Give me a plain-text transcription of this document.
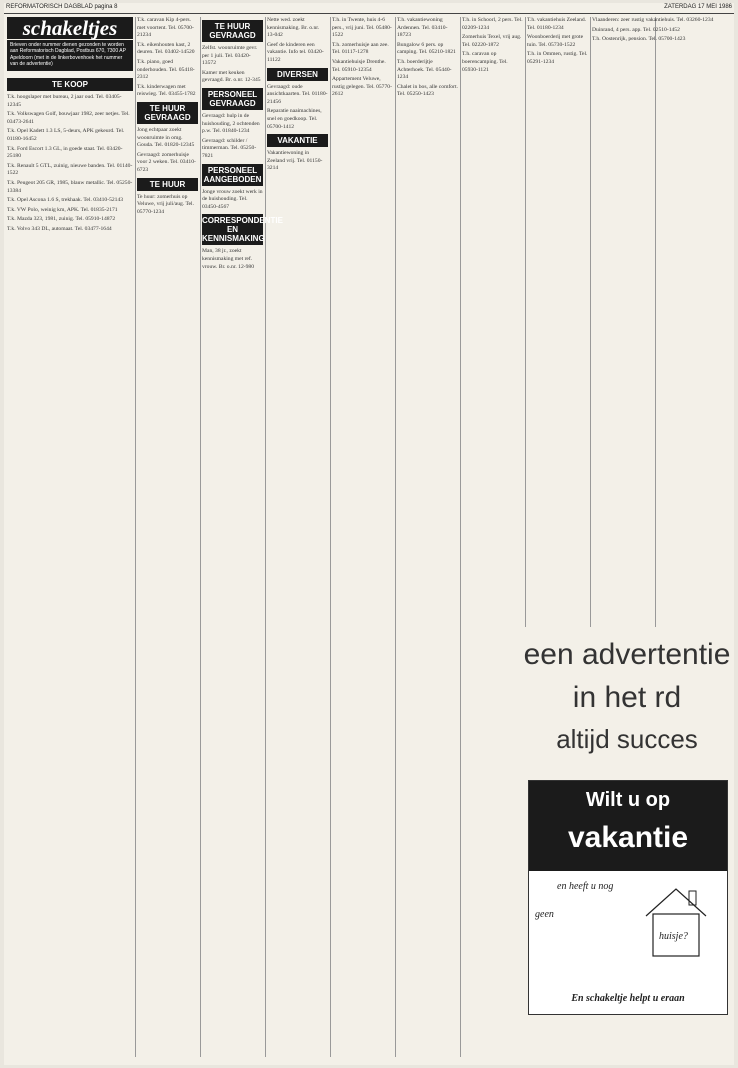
REFORMATORISCH DAGBLAD pagina 8	ZATERDAG 17 MEI 1986
schakeltjes
Brieven onder nummer dienen gezonden te worden aan Reformatorisch Dagblad, Postbus 670, 7300 AP Apeldoorn (met in de linkerbovenhoek het nummer van de advertentie)
TE KOOP

T.k. hoogslaper met bureau, 2 jaar oud. Tel. 03405-12345

T.k. Volkswagen Golf, bouwjaar 1982, zeer netjes. Tel. 03473-2641

T.k. Opel Kadett 1.3 LS, 5-deurs, APK gekeurd. Tel. 01180-16452

T.k. Ford Escort 1.3 GL, in goede staat. Tel. 03420-25180

T.k. Renault 5 GTL, zuinig, nieuwe banden. Tel. 01140-1522

T.k. Peugeot 205 GR, 1985, blauw metallic. Tel. 05250-13384

T.k. Opel Ascona 1.6 S, trekhaak. Tel. 03410-52143

T.k. VW Polo, weinig km, APK. Tel. 01835-2171

T.k. Mazda 323, 1981, zuinig. Tel. 05910-14872

T.k. Volvo 343 DL, automaat. Tel. 03477-1644

T.k. caravan Kip 4-pers. met voortent. Tel. 05700-21234

T.k. eikenhouten kast, 2 deuren. Tel. 03402-14520

T.k. piano, goed onderhouden. Tel. 05418-2312

T.k. kinderwagen met reiswieg. Tel. 03455-1782

TE HUUR GEVRAAGD

Jong echtpaar zoekt woonruimte in omg. Gouda. Tel. 01820-12345

Gevraagd: zomerhuisje voor 2 weken. Tel. 03410-6723

TE HUUR

Te huur: zomerhuis op Veluwe, vrij juli/aug. Tel. 05770-1234

TE HUUR GEVRAAGD

Zelfst. woonruimte gevr. per 1 juli. Tel. 03420-13572

Kamer met keuken gevraagd. Br. o.nr. 12-345

PERSONEEL GEVRAAGD

Gevraagd: hulp in de huishouding, 2 ochtenden p.w. Tel. 01840-1234

Gevraagd: schilder / timmerman. Tel. 05250-7821

PERSONEEL AANGEBODEN

Jonge vrouw zoekt werk in de huishouding. Tel. 03450-4567

CORRESPONDENTIE EN KENNISMAKING

Man, 38 jr., zoekt kennismaking met ref. vrouw. Br. o.nr. 12-980

Nette wed. zoekt kennismaking. Br. o.nr. 13-042

Geef de kinderen een vakantie. Info tel. 03420-11122

DIVERSEN

Gevraagd: oude ansichtkaarten. Tel. 01180-21456

Reparatie naaimachines, snel en goedkoop. Tel. 05700-1412

VAKANTIE

Vakantiewoning in Zeeland vrij. Tel. 01150-3214

T.h. in Twente, huis 4-6 pers., vrij juni. Tel. 05480-1522

T.h. zomerhuisje aan zee. Tel. 01117-1278

Vakantiehuisje Drenthe. Tel. 05910-12354

Appartement Veluwe, rustig gelegen. Tel. 05770-2612

T.h. vakantiewoning Ardennen. Tel. 03410-18723

Bungalow 6 pers. op camping. Tel. 05210-1821

T.h. boerderijtje Achterhoek. Tel. 05440-1234

Chalet in bos, alle comfort. Tel. 05250-1423

T.h. in Schoorl, 2 pers. Tel. 02209-1234

Zomerhuis Texel, vrij aug. Tel. 02220-1872

T.h. caravan op boerencamping. Tel. 05930-1121

T.h. vakantiehuis Zeeland. Tel. 01180-1234

Woonboerderij met grote tuin. Tel. 05730-1522

T.h. in Ommen, rustig. Tel. 05291-1234

Vlaanderen: zeer rustig vakantiehuis. Tel. 03260-1234

Duinrand, 4 pers. app. Tel. 02510-1452

T.h. Oostenrijk, pension. Tel. 05700-1423

een advertentie
in het rd
altijd succes
Wilt u op
vakantie
en heeft u nog
geen
huisje?
En schakeltje helpt u eraan
